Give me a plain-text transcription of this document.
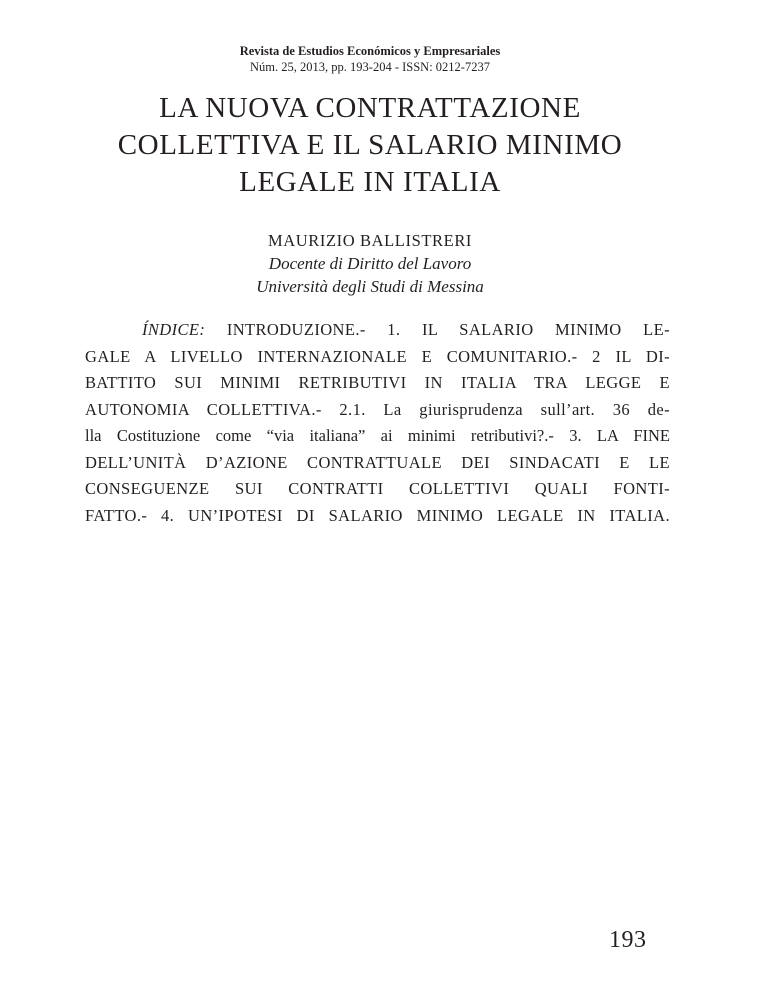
Revista de Estudios Económicos y Empresariales
Núm. 25, 2013, pp. 193-204 - ISSN: 0212-7237
LA NUOVA CONTRATTAZIONE
COLLETTIVA E IL SALARIO MINIMO
LEGALE IN ITALIA
MAURIZIO BALLISTRERI
Docente di Diritto del Lavoro
Università degli Studi di Messina
ÍNDICE: INTRODUZIONE.- 1. IL SALARIO MINIMO LE-
GALE A LIVELLO INTERNAZIONALE E COMUNITARIO.- 2 IL DI-
BATTITO SUI MINIMI RETRIBUTIVI IN ITALIA TRA LEGGE E
AUTONOMIA COLLETTIVA.- 2.1. La giurisprudenza sull’art. 36 de-
lla Costituzione come “via italiana” ai minimi retributivi?.- 3. LA FINE
DELL’UNITÀ D’AZIONE CONTRATTUALE DEI SINDACATI E LE
CONSEGUENZE SUI CONTRATTI COLLETTIVI QUALI FONTI-
FATTO.- 4. UN’IPOTESI DI SALARIO MINIMO LEGALE IN ITALIA.
193
